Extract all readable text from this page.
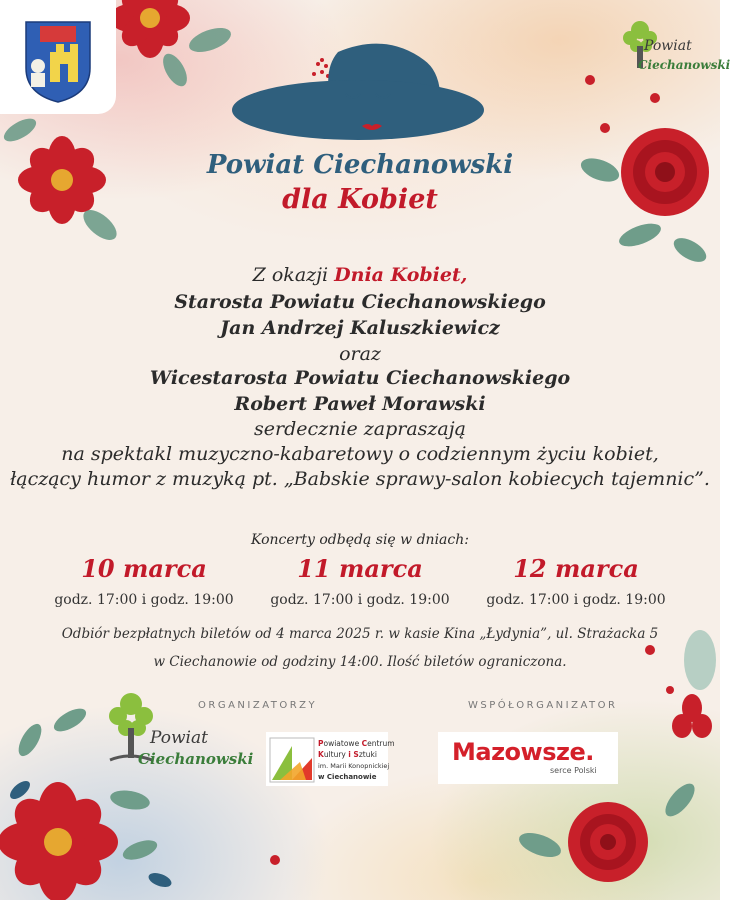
Powiat
Ciechanowski
Powiat Ciechanowski
dla Kobiet
Z okazji Dnia Kobiet,
Starosta Powiatu Ciechanowskiego
Jan Andrzej Kaluszkiewicz
oraz
Wicestarosta Powiatu Ciechanowskiego
Robert Paweł Morawski
serdecznie zapraszają
na spektakl muzyczno-kabaretowy o codziennym życiu kobiet,
łączący humor z muzyką pt. „Babskie sprawy-salon kobiecych tajemnic”.
Koncerty odbędą się w dniach:
10 marca
godz. 17:00 i godz. 19:00
11 marca
godz. 17:00 i godz. 19:00
12 marca
godz. 17:00 i godz. 19:00
Odbiór bezpłatnych biletów od 4 marca 2025 r. w kasie Kina „Łydynia”, ul. Strażacka 5
w Ciechanowie od godziny 14:00. Ilość biletów ograniczona.
ORGANIZATORZY	WSPÓŁORGANIZATOR
Powiat
Ciechanowski
Powiatowe Centrum
Kultury i Sztuki
im. Marii Konopnickiej
w Ciechanowie
Mazowsze.
serce Polski
